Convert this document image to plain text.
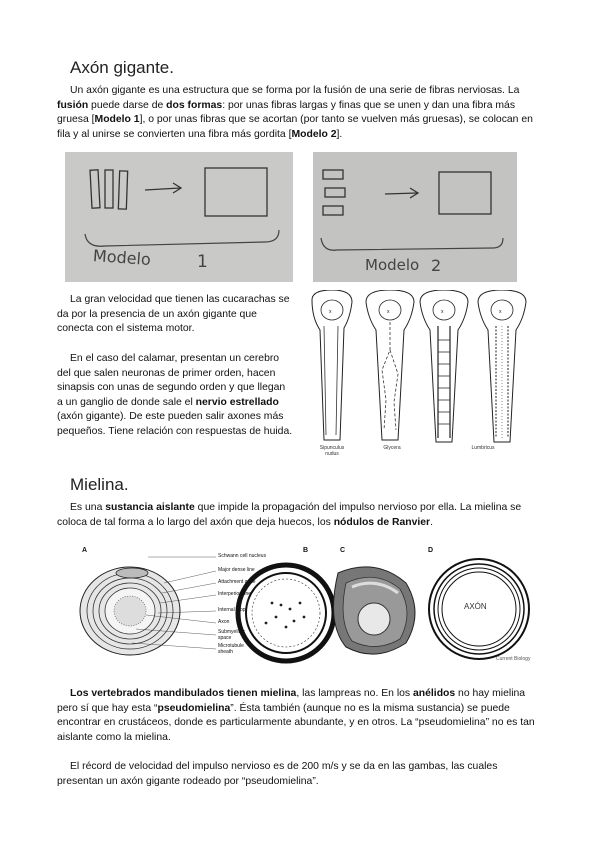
Axón gigante.

Un axón gigante es una estructura que se forma por la fusión de una serie de fibras nerviosas. La fusión puede darse de dos formas: por unas fibras largas y finas que se unen y dan una fibra más gruesa [Modelo 1], o por unas fibras que se acortan (por tanto se vuelven más gruesas), se colocan en fila y al unirse se convierten una fibra más gordita [Modelo 2].

Modelo	1	Modelo 2

La gran velocidad que tienen las cucarachas se da por la presencia de un axón gigante que conecta con el sistema motor.

En el caso del calamar, presentan un cerebro del que salen neuronas de primer orden, hacen sinapsis con unas de segundo orden y que llegan a un ganglio de donde sale el nervio estrellado (axón gigante). De este pueden salir axones más pequeños. Tiene relación con respuestas de huida.

x	x	x	x
Sipunculus
nudus
Glycera	Lumbricus
Mielina.

Es una sustancia aislante que impide la propagación del impulso nervioso por ella. La mielina se coloca de tal forma a lo largo del axón que deja huecos, los nódulos de Ranvier.

A	B	C	D
Schwann cell nucleus
Major dense line
Attachment zone
Interperiod line
Internal loop
Axon
Submyelinic space
Microtubule sheath
AXÓN
Current Biology

Los vertebrados mandibulados tienen mielina, las lampreas no. En los anélidos no hay mielina pero sí que hay esta “pseudomielina”. Ésta también (aunque no es la misma sustancia) se puede encontrar en crustáceos, donde es particularmente abundante, y en otros. La “pseudomielina” no es tan aislante como la mielina.

El récord de velocidad del impulso nervioso es de 200 m/s y se da en las gambas, las cuales presentan un axón gigante rodeado por “pseudomielina”.
